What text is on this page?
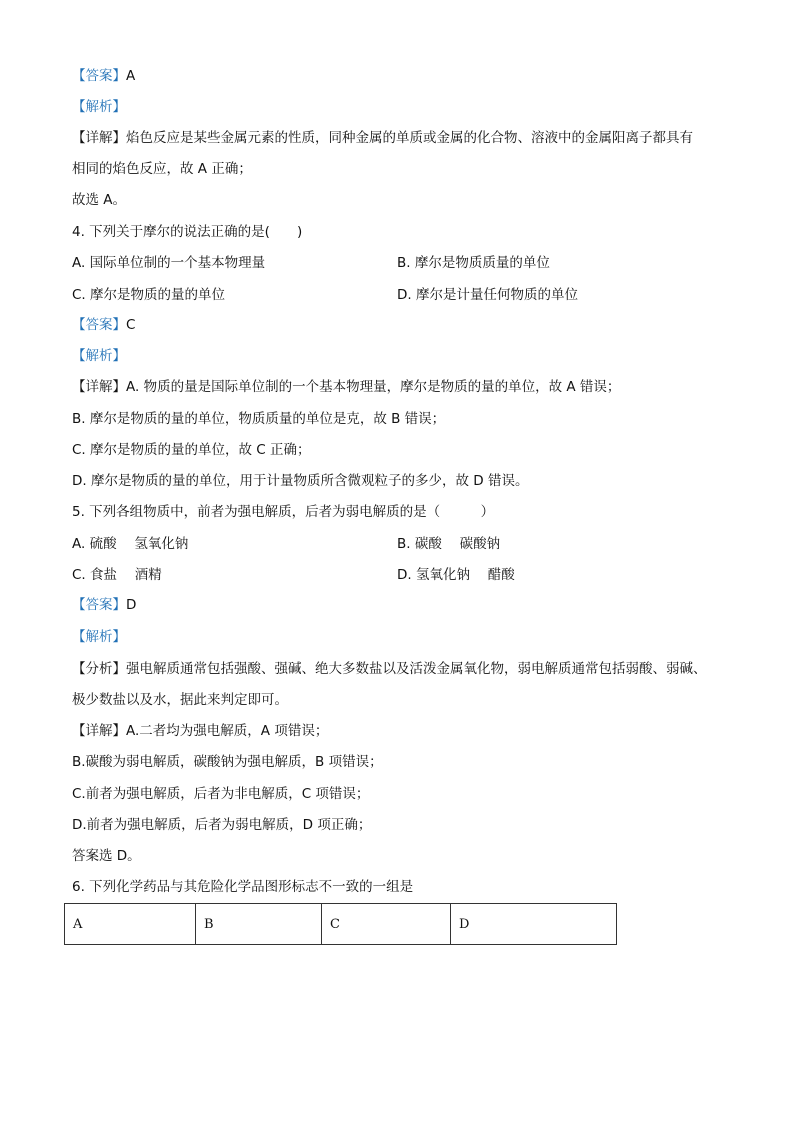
【答案】A
【解析】
【详解】焰色反应是某些金属元素的性质，同种金属的单质或金属的化合物、溶液中的金属阳离子都具有
相同的焰色反应，故 A 正确；
故选 A。
4. 下列关于摩尔的说法正确的是(　　)
A. 国际单位制的一个基本物理量	B. 摩尔是物质质量的单位
C. 摩尔是物质的量的单位	D. 摩尔是计量任何物质的单位
【答案】C
【解析】
【详解】A. 物质的量是国际单位制的一个基本物理量，摩尔是物质的量的单位，故 A 错误；
B. 摩尔是物质的量的单位，物质质量的单位是克，故 B 错误；
C. 摩尔是物质的量的单位，故 C 正确；
D. 摩尔是物质的量的单位，用于计量物质所含微观粒子的多少，故 D 错误。
5. 下列各组物质中，前者为强电解质，后者为弱电解质的是（　　　）
A. 硫酸　 氢氧化钠	B. 碳酸　 碳酸钠
C. 食盐　 酒精	D. 氢氧化钠　 醋酸
【答案】D
【解析】
【分析】强电解质通常包括强酸、强碱、绝大多数盐以及活泼金属氧化物，弱电解质通常包括弱酸、弱碱、
极少数盐以及水，据此来判定即可。
【详解】A.二者均为强电解质，A 项错误；
B.碳酸为弱电解质，碳酸钠为强电解质，B 项错误；
C.前者为强电解质，后者为非电解质，C 项错误；
D.前者为强电解质，后者为弱电解质，D 项正确；
答案选 D。
6. 下列化学药品与其危险化学品图形标志不一致的一组是
A	B	C	D
